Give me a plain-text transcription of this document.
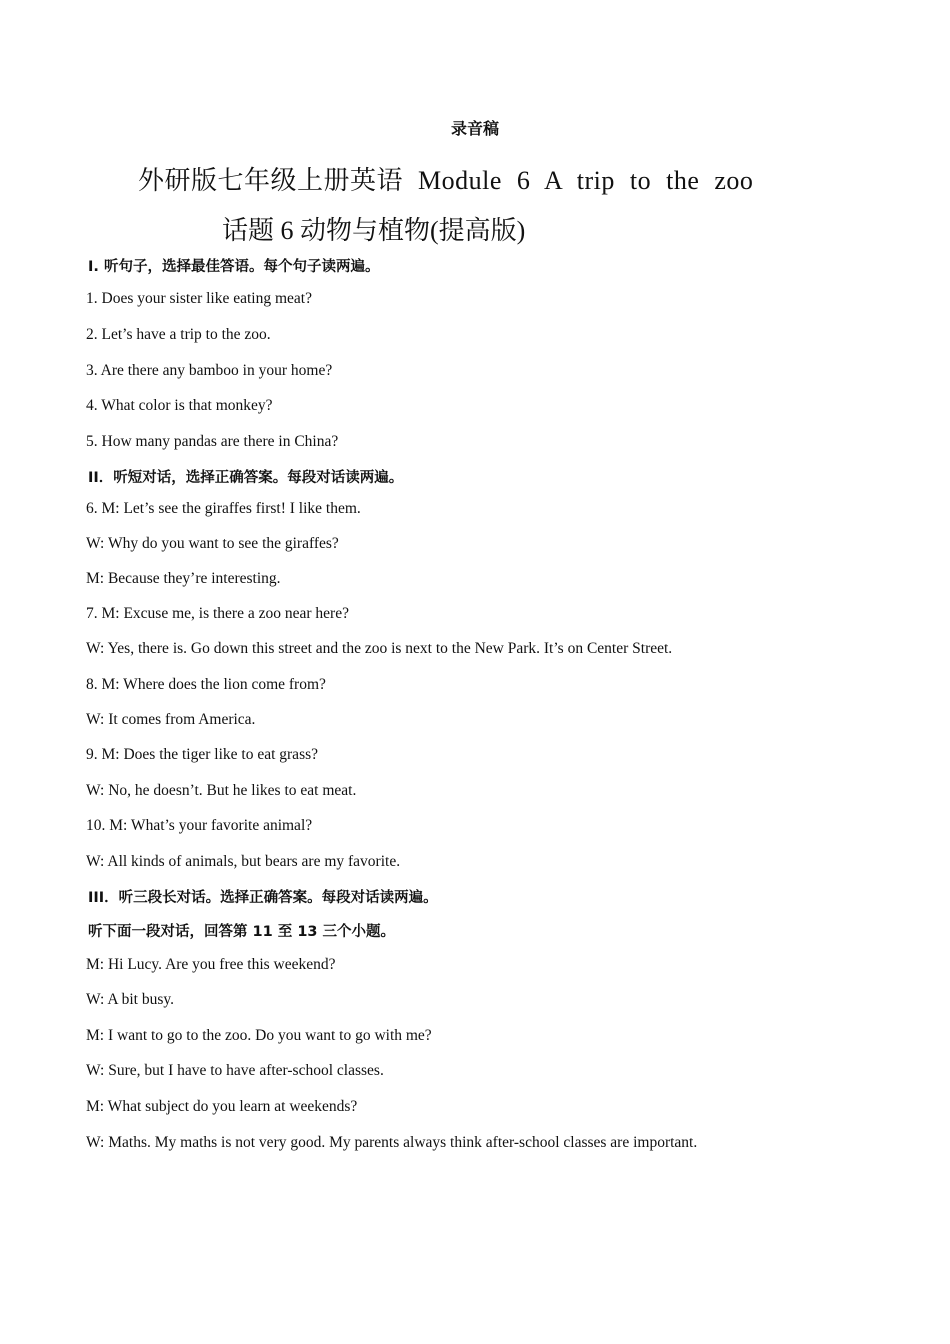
录音稿
外研版七年级上册英语 Module 6 A trip to the zoo
话题 6 动物与植物(提高版)
Ⅰ. 听句子，选择最佳答语。每个句子读两遍。
1. Does your sister like eating meat?
2. Let’s have a trip to the zoo.
3. Are there any bamboo in your home?
4. What color is that monkey?
5. How many pandas are there in China?
II．听短对话，选择正确答案。每段对话读两遍。
6. M: Let’s see the giraffes first! I like them.
W: Why do you want to see the giraffes?
M: Because they’re interesting.
7. M: Excuse me, is there a zoo near here?
W: Yes, there is. Go down this street and the zoo is next to the New Park. It’s on Center Street.
8. M: Where does the lion come from?
W: It comes from America.
9. M: Does the tiger like to eat grass?
W: No, he doesn’t. But he likes to eat meat.
10. M: What’s your favorite animal?
W: All kinds of animals, but bears are my favorite.
III．听三段长对话。选择正确答案。每段对话读两遍。
听下面一段对话，回答第 11 至 13 三个小题。
M: Hi Lucy. Are you free this weekend?
W: A bit busy.
M: I want to go to the zoo. Do you want to go with me?
W: Sure, but I have to have after-school classes.
M: What subject do you learn at weekends?
W: Maths. My maths is not very good. My parents always think after-school classes are important.
